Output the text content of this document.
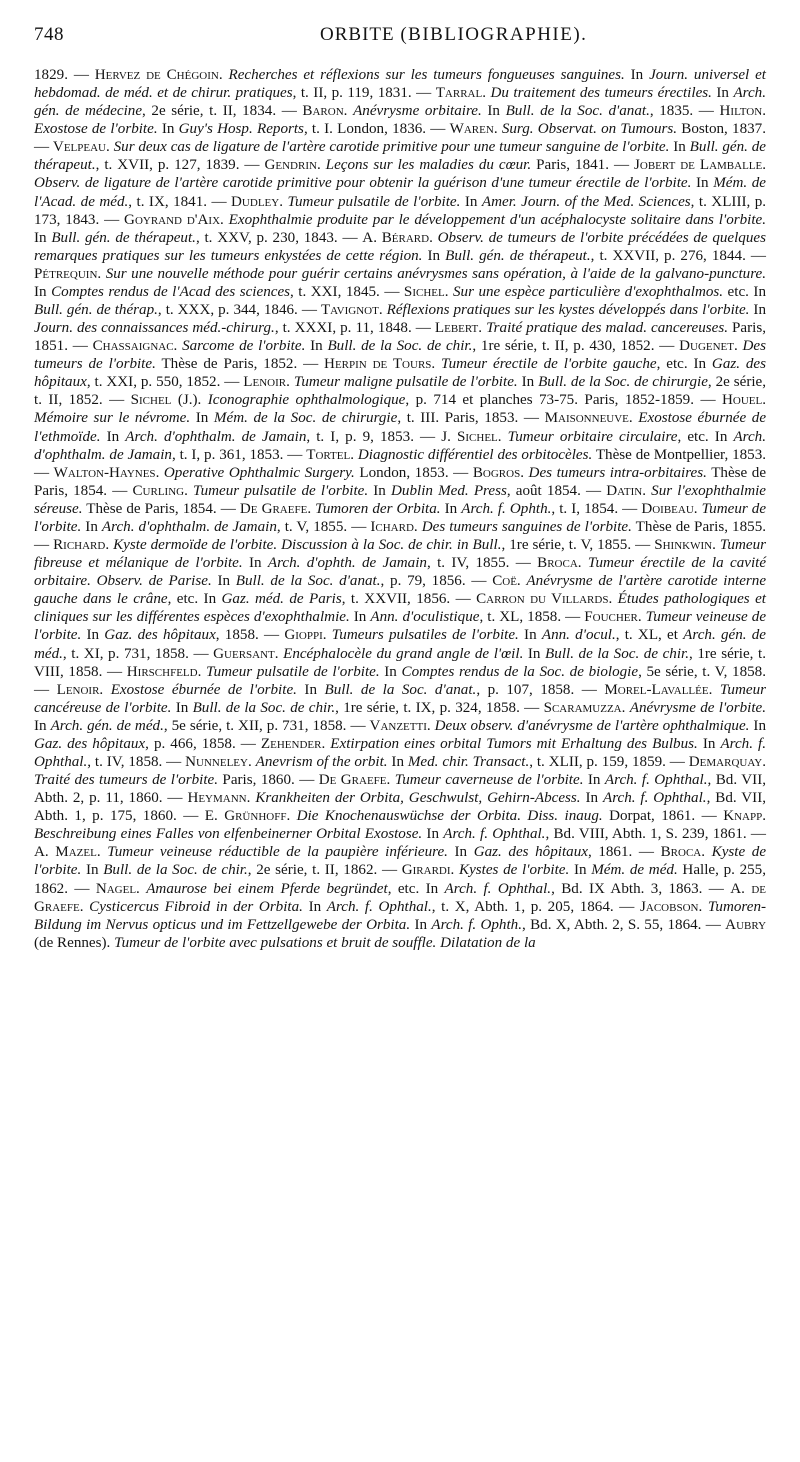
748	ORBITE (BIBLIOGRAPHIE).
1829. — Hervez de Chégoin. Recherches et réflexions sur les tumeurs fongueuses sanguines. In Journ. universel et hebdomad. de méd. et de chirur. pratiques, t. II, p. 119, 1831. — Tarral. Du traitement des tumeurs érectiles. In Arch. gén. de médecine, 2e série, t. II, 1834. — Baron. Anévrysme orbitaire. In Bull. de la Soc. d'anat., 1835. — Hilton. Exostose de l'orbite. In Guy's Hosp. Reports, t. I. London, 1836. — Waren. Surg. Observat. on Tumours. Boston, 1837. — Velpeau. Sur deux cas de ligature de l'artère carotide primitive pour une tumeur sanguine de l'orbite. In Bull. gén. de thérapeut., t. XVII, p. 127, 1839. — Gendrin. Leçons sur les maladies du cœur. Paris, 1841. — Jobert de Lamballe. Observ. de ligature de l'artère carotide primitive pour obtenir la guérison d'une tumeur érectile de l'orbite. In Mém. de l'Acad. de méd., t. IX, 1841. — Dudley. Tumeur pulsatile de l'orbite. In Amer. Journ. of the Med. Sciences, t. XLIII, p. 173, 1843. — Goyrand d'Aix. Exophthalmie produite par le développement d'un acéphalocyste solitaire dans l'orbite. In Bull. gén. de thérapeut., t. XXV, p. 230, 1843. — A. Bérard. Observ. de tumeurs de l'orbite précédées de quelques remarques pratiques sur les tumeurs enkystées de cette région. In Bull. gén. de thérapeut., t. XXVII, p. 276, 1844. — Pétrequin. Sur une nouvelle méthode pour guérir certains anévrysmes sans opération, à l'aide de la galvano-puncture. In Comptes rendus de l'Acad des sciences, t. XXI, 1845. — Sichel. Sur une espèce particulière d'exophthalmos. etc. In Bull. gén. de thérap., t. XXX, p. 344, 1846. — Tavignot. Réflexions pratiques sur les kystes développés dans l'orbite. In Journ. des connaissances méd.-chirurg., t. XXXI, p. 11, 1848. — Lebert. Traité pratique des malad. cancereuses. Paris, 1851. — Chassaignac. Sarcome de l'orbite. In Bull. de la Soc. de chir., 1re série, t. II, p. 430, 1852. — Dugenet. Des tumeurs de l'orbite. Thèse de Paris, 1852. — Herpin de Tours. Tumeur érectile de l'orbite gauche, etc. In Gaz. des hôpitaux, t. XXI, p. 550, 1852. — Lenoir. Tumeur maligne pulsatile de l'orbite. In Bull. de la Soc. de chirurgie, 2e série, t. II, 1852. — Sichel (J.). Iconographie ophthalmologique, p. 714 et planches 73-75. Paris, 1852-1859. — Houel. Mémoire sur le névrome. In Mém. de la Soc. de chirurgie, t. III. Paris, 1853. — Maisonneuve. Exostose éburnée de l'ethmoïde. In Arch. d'ophthalm. de Jamain, t. I, p. 9, 1853. — J. Sichel. Tumeur orbitaire circulaire, etc. In Arch. d'ophthalm. de Jamain, t. I, p. 361, 1853. — Tortel. Diagnostic différentiel des orbitocèles. Thèse de Montpellier, 1853. — Walton-Haynes. Operative Ophthalmic Surgery. London, 1853. — Bogros. Des tumeurs intra-orbitaires. Thèse de Paris, 1854. — Curling. Tumeur pulsatile de l'orbite. In Dublin Med. Press, août 1854. — Datin. Sur l'exophthalmie séreuse. Thèse de Paris, 1854. — De Graefe. Tumoren der Orbita. In Arch. f. Ophth., t. I, 1854. — Doibeau. Tumeur de l'orbite. In Arch. d'ophthalm. de Jamain, t. V, 1855. — Ichard. Des tumeurs sanguines de l'orbite. Thèse de Paris, 1855. — Richard. Kyste dermoïde de l'orbite. Discussion à la Soc. de chir. in Bull., 1re série, t. V, 1855. — Shinkwin. Tumeur fibreuse et mélanique de l'orbite. In Arch. d'ophth. de Jamain, t. IV, 1855. — Broca. Tumeur érectile de la cavité orbitaire. Observ. de Parise. In Bull. de la Soc. d'anat., p. 79, 1856. — Coë. Anévrysme de l'artère carotide interne gauche dans le crâne, etc. In Gaz. méd. de Paris, t. XXVII, 1856. — Carron du Villards. Études pathologiques et cliniques sur les différentes espèces d'exophthalmie. In Ann. d'oculistique, t. XL, 1858. — Foucher. Tumeur veineuse de l'orbite. In Gaz. des hôpitaux, 1858. — Gioppi. Tumeurs pulsatiles de l'orbite. In Ann. d'ocul., t. XL, et Arch. gén. de méd., t. XI, p. 731, 1858. — Guersant. Encéphalocèle du grand angle de l'œil. In Bull. de la Soc. de chir., 1re série, t. VIII, 1858. — Hirschfeld. Tumeur pulsatile de l'orbite. In Comptes rendus de la Soc. de biologie, 5e série, t. V, 1858. — Lenoir. Exostose éburnée de l'orbite. In Bull. de la Soc. d'anat., p. 107, 1858. — Morel-Lavallée. Tumeur cancéreuse de l'orbite. In Bull. de la Soc. de chir., 1re série, t. IX, p. 324, 1858. — Scaramuzza. Anévrysme de l'orbite. In Arch. gén. de méd., 5e série, t. XII, p. 731, 1858. — Vanzetti. Deux observ. d'anévrysme de l'artère ophthalmique. In Gaz. des hôpitaux, p. 466, 1858. — Zehender. Extirpation eines orbital Tumors mit Erhaltung des Bulbus. In Arch. f. Ophthal., t. IV, 1858. — Nunneley. Anevrism of the orbit. In Med. chir. Transact., t. XLII, p. 159, 1859. — Demarquay. Traité des tumeurs de l'orbite. Paris, 1860. — De Graefe. Tumeur caverneuse de l'orbite. In Arch. f. Ophthal., Bd. VII, Abth. 2, p. 11, 1860. — Heymann. Krankheiten der Orbita, Geschwulst, Gehirn-Abcess. In Arch. f. Ophthal., Bd. VII, Abth. 1, p. 175, 1860. — E. Grünhoff. Die Knochenauswüchse der Orbita. Diss. inaug. Dorpat, 1861. — Knapp. Beschreibung eines Falles von elfenbeinerner Orbital Exostose. In Arch. f. Ophthal., Bd. VIII, Abth. 1, S. 239, 1861. — A. Mazel. Tumeur veineuse réductible de la paupière inférieure. In Gaz. des hôpitaux, 1861. — Broca. Kyste de l'orbite. In Bull. de la Soc. de chir., 2e série, t. II, 1862. — Girardi. Kystes de l'orbite. In Mém. de méd. Halle, p. 255, 1862. — Nagel. Amaurose bei einem Pferde begründet, etc. In Arch. f. Ophthal., Bd. IX Abth. 3, 1863. — A. de Graefe. Cysticercus Fibroid in der Orbita. In Arch. f. Ophthal., t. X, Abth. 1, p. 205, 1864. — Jacobson. Tumoren-Bildung im Nervus opticus und im Fettzellgewebe der Orbita. In Arch. f. Ophth., Bd. X, Abth. 2, S. 55, 1864. — Aubry (de Rennes). Tumeur de l'orbite avec pulsations et bruit de souffle. Dilatation de la
